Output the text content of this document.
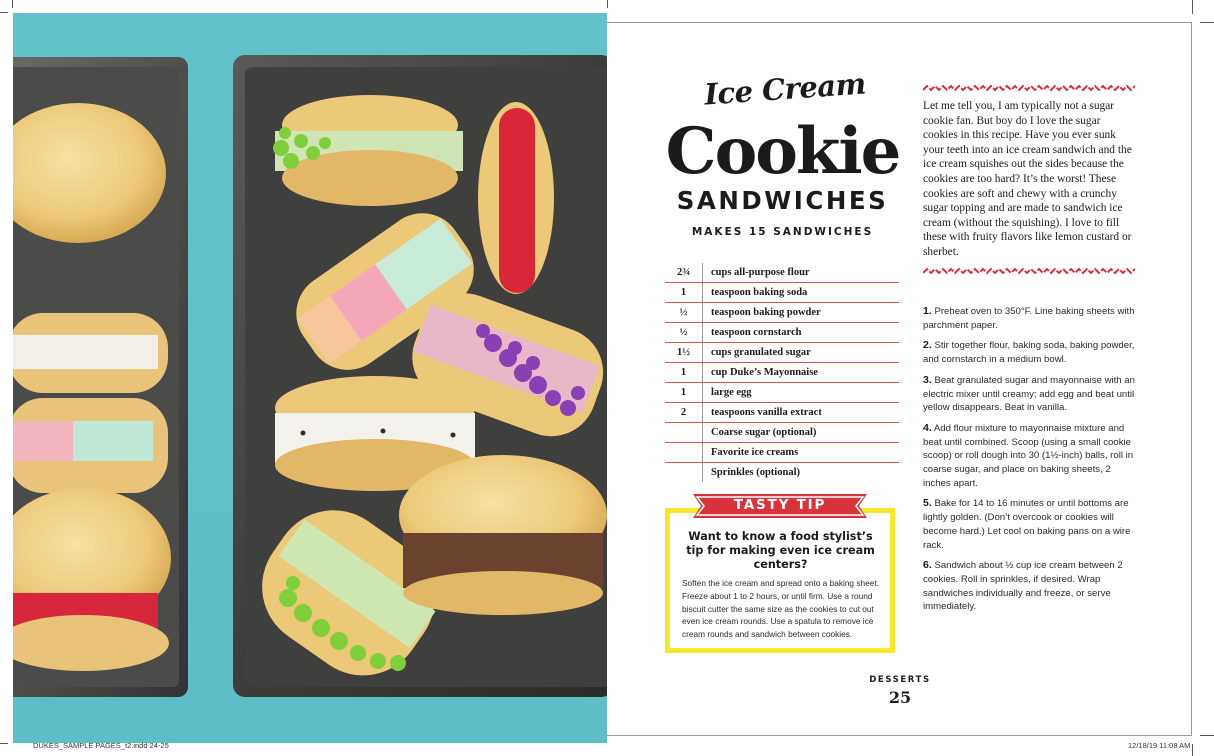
Ice Cream
Cookie
SANDWICHES
MAKES 15 SANDWICHES
2¾	cups all-purpose flour
1	teaspoon baking soda
½	teaspoon baking powder
½	teaspoon cornstarch
1½	cups granulated sugar
1	cup Duke’s Mayonnaise
1	large egg
2	teaspoons vanilla extract
Coarse sugar (optional)
Favorite ice creams
Sprinkles (optional)
Let me tell you, I am typically not a sugar cookie fan. But boy do I love the sugar cookies in this recipe. Have you ever sunk your teeth into an ice cream sandwich and the ice cream squishes out the sides because the cookies are too hard? It’s the worst! These cookies are soft and chewy with a crunchy sugar topping and are made to sandwich ice cream (without the squishing). I love to fill these with fruity flavors like lemon custard or sherbet.
1. Preheat oven to 350°F. Line baking sheets with parchment paper.
2. Stir together flour, baking soda, baking powder, and cornstarch in a medium bowl.
3. Beat granulated sugar and mayonnaise with an electric mixer until creamy; add egg and beat until yellow disappears. Beat in vanilla.
4. Add flour mixture to mayonnaise mixture and beat until combined. Scoop (using a small cookie scoop) or roll dough into 30 (1½-inch) balls, roll in coarse sugar, and place on baking sheets, 2 inches apart.
5. Bake for 14 to 16 minutes or until bottoms are lightly golden. (Don’t overcook or cookies will become hard.) Let cool on baking pans on a wire rack.
6. Sandwich about ½ cup ice cream between 2 cookies. Roll in sprinkles, if desired. Wrap sandwiches individually and freeze, or serve immediately.
TASTY TIP
Want to know a food stylist’s tip for making even ice cream centers?
Soften the ice cream and spread onto a baking sheet. Freeze about 1 to 2 hours, or until firm. Use a round biscuit cutter the same size as the cookies to cut out even ice cream rounds. Use a spatula to remove ice cream rounds and sandwich between cookies.
DESSERTS
25
DUKES_SAMPLE PAGES_t2.indd 24-25	12/18/19 11:08 AM
